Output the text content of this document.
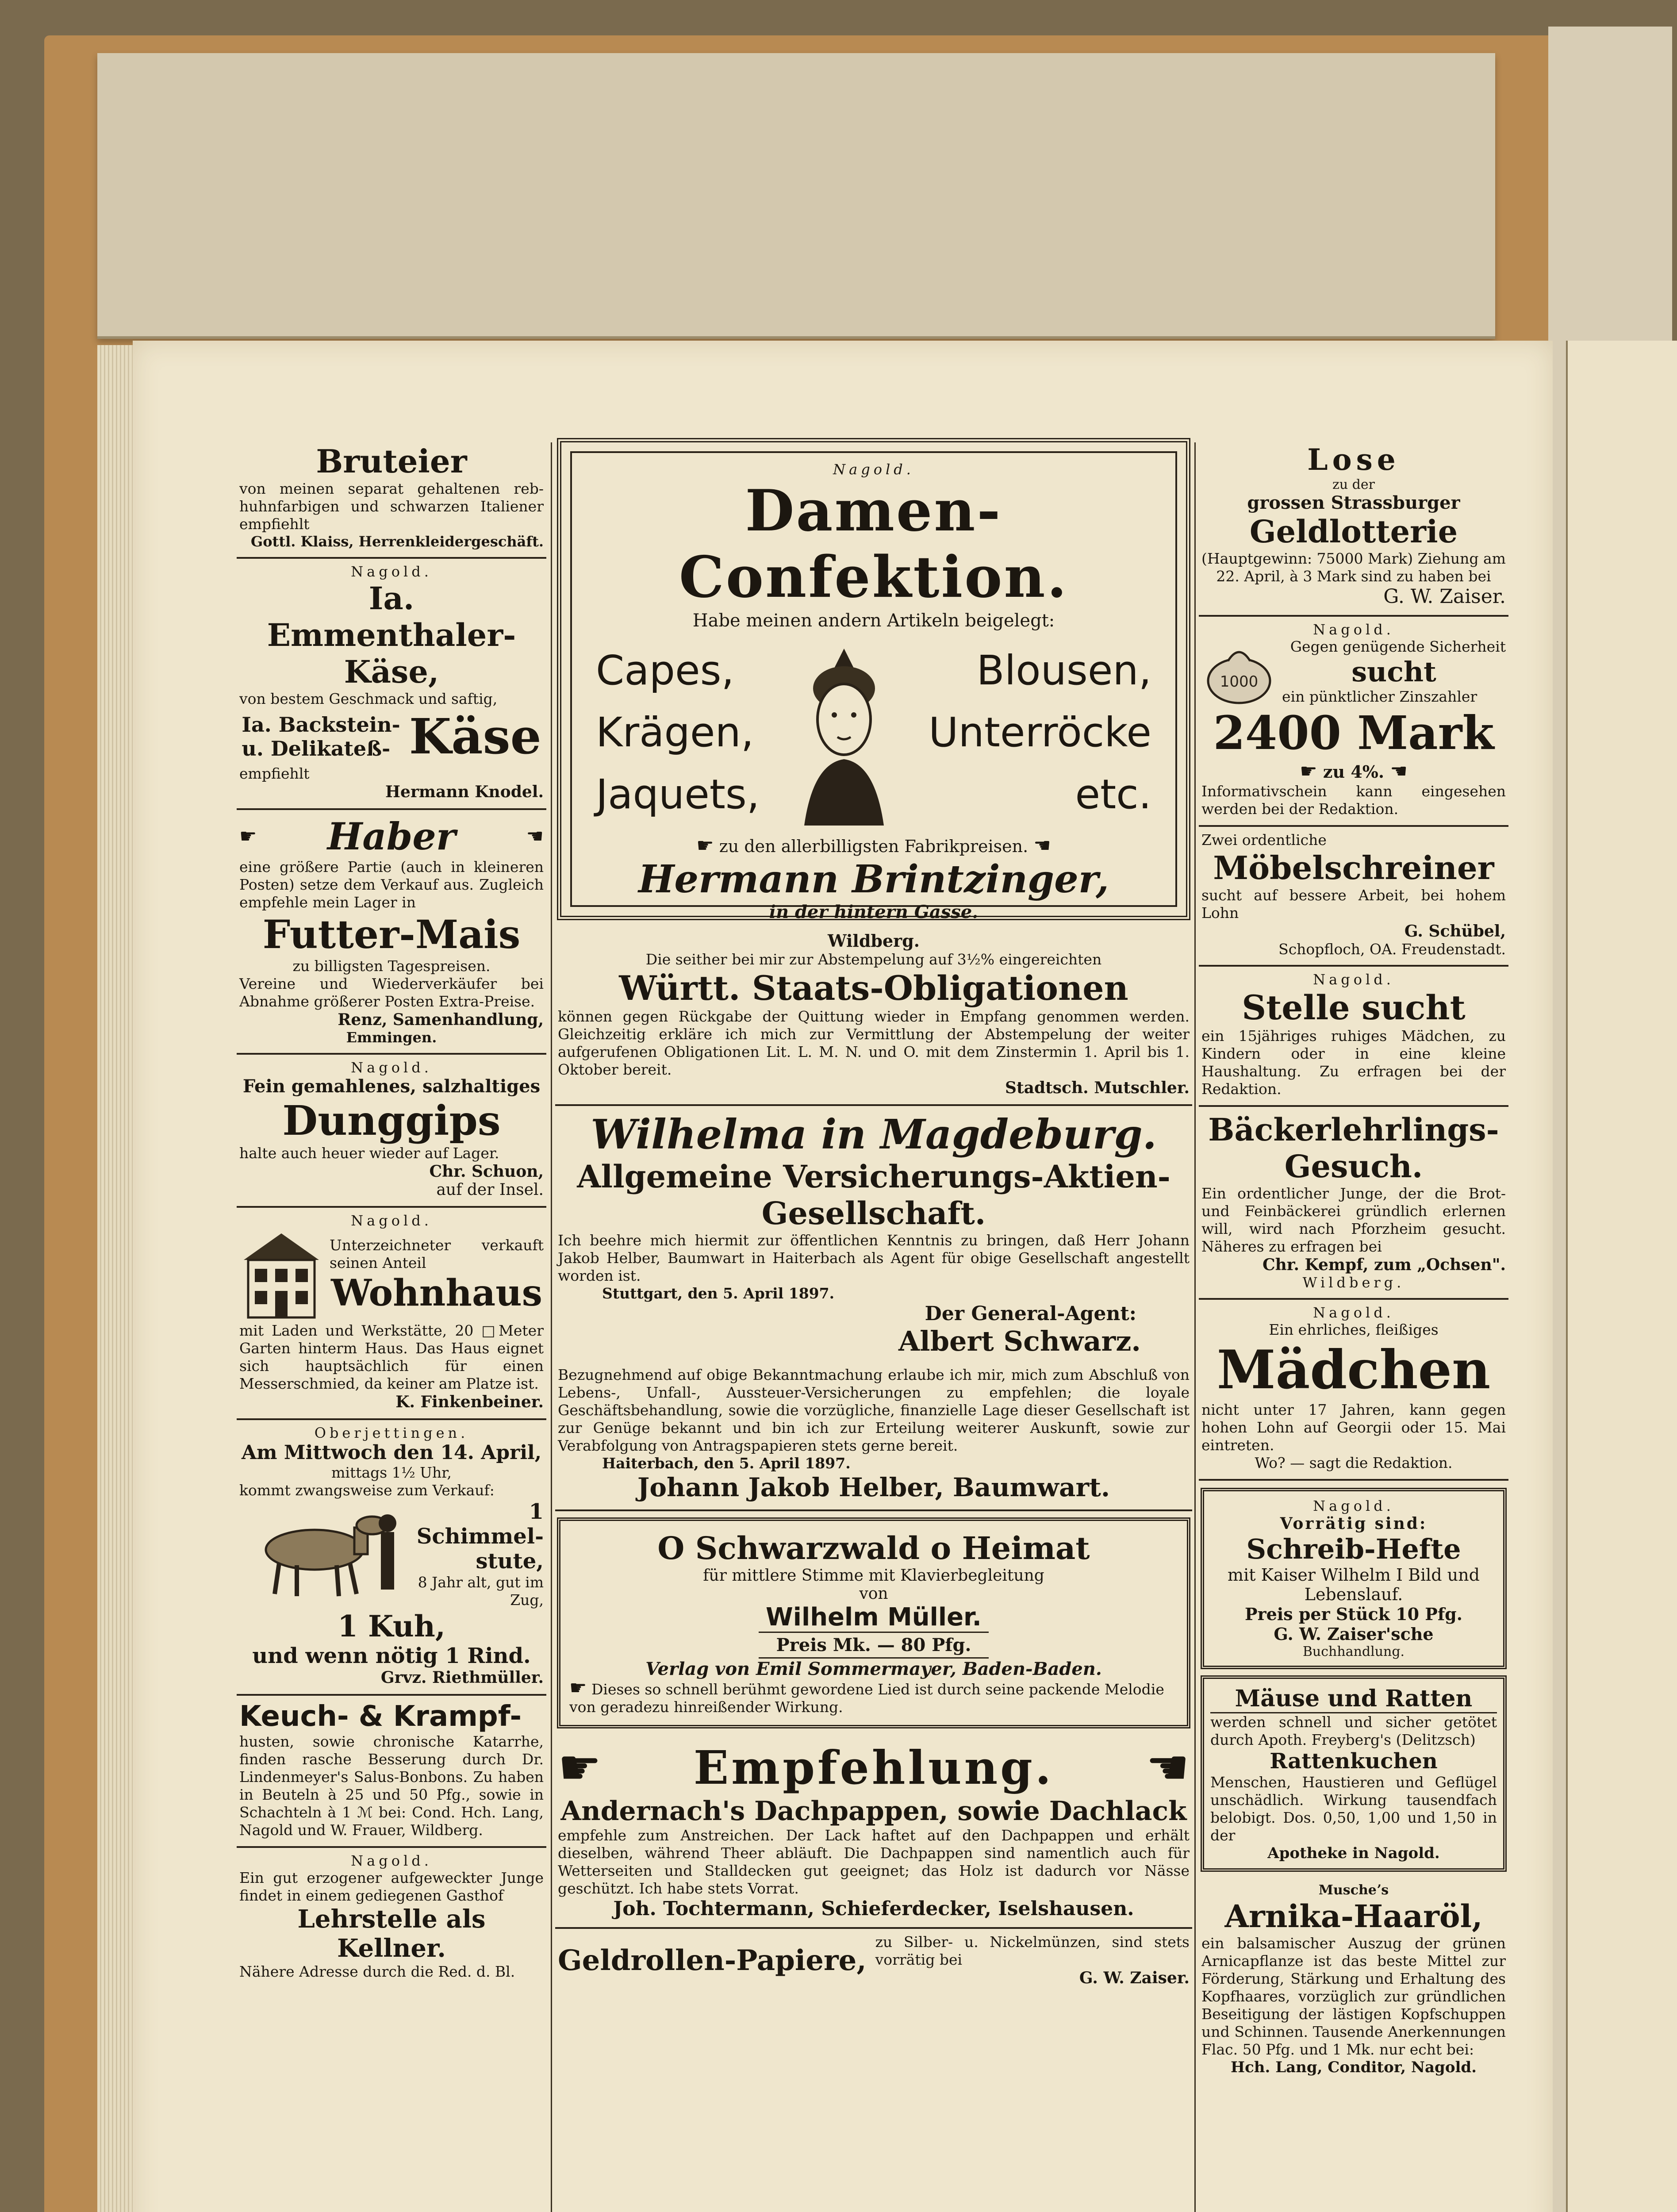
Bruteier
von meinen separat gehaltenen reb-huhnfarbigen und schwarzen Italiener empfiehlt
Gottl. Klaiss, Herrenkleidergeschäft.
Nagold.
Ia. Emmenthaler-
Käse,
von bestem Geschmack und saftig,
Ia. Backstein-
u. Delikateß- Käse
empfiehlt
Hermann Knodel.
☛ Haber	☚
eine größere Partie (auch in kleineren Posten) setze dem Verkauf aus. Zugleich empfehle mein Lager in
Futter-Mais
zu billigsten Tagespreisen.
Vereine und Wiederverkäufer bei Abnahme größerer Posten Extra-Preise.
Renz, Samenhandlung,
Emmingen.
Nagold.
Fein gemahlenes, salzhaltiges
Dunggips
halte auch heuer wieder auf Lager.
Chr. Schuon,
auf der Insel.
Nagold.
Unterzeichneter verkauft seinen Anteil
Wohnhaus
mit Laden und Werkstätte, 20 □Meter Garten hinterm Haus. Das Haus eignet sich hauptsächlich für einen Messerschmied, da keiner am Platze ist.
K. Finkenbeiner.
Oberjettingen.
Am Mittwoch den 14. April,
mittags 1½ Uhr,
kommt zwangsweise zum Verkauf:
1 Schimmel-stute,
8 Jahr alt, gut im Zug,
1 Kuh,
und wenn nötig 1 Rind.
Grvz. Riethmüller.
Keuch- & Krampf-
husten, sowie chronische Katarrhe, finden rasche Besserung durch Dr. Lindenmeyer's Salus-Bonbons. Zu haben in Beuteln à 25 und 50 Pfg., sowie in Schachteln à 1 ℳ bei: Cond. Hch. Lang, Nagold und W. Frauer, Wildberg.
Nagold.
Ein gut erzogener aufgeweckter Junge findet in einem gediegenen Gasthof
Lehrstelle als Kellner.
Nähere Adresse durch die Red. d. Bl.
Nagold.
Damen-Confektion.
Habe meinen andern Artikeln beigelegt:
Capes,
Krägen,
Jaquets,
Blousen,
Unterröcke
etc.
☛ zu den allerbilligsten Fabrikpreisen. ☚
Hermann Brintzinger,
in der hintern Gasse.
Wildberg.
Die seither bei mir zur Abstempelung auf 3½% eingereichten
Württ. Staats-Obligationen
können gegen Rückgabe der Quittung wieder in Empfang genommen werden. Gleichzeitig erkläre ich mich zur Vermittlung der Abstempelung der weiter aufgerufenen Obligationen Lit. L. M. N. und O. mit dem Zinstermin 1. April bis 1. Oktober bereit.
Stadtsch. Mutschler.
Wilhelma in Magdeburg.
Allgemeine Versicherungs-Aktien-
Gesellschaft.
Ich beehre mich hiermit zur öffentlichen Kenntnis zu bringen, daß Herr Johann Jakob Helber, Baumwart in Haiterbach als Agent für obige Gesellschaft angestellt worden ist.
Stuttgart, den 5. April 1897.
Der General-Agent:
Albert Schwarz.
Bezugnehmend auf obige Bekanntmachung erlaube ich mir, mich zum Abschluß von Lebens-, Unfall-, Aussteuer-Versicherungen zu empfehlen; die loyale Geschäftsbehandlung, sowie die vorzügliche, finanzielle Lage dieser Gesellschaft ist zur Genüge bekannt und bin ich zur Erteilung weiterer Auskunft, sowie zur Verabfolgung von Antragspapieren stets gerne bereit.
Haiterbach, den 5. April 1897.
Johann Jakob Helber, Baumwart.
O Schwarzwald o Heimat
für mittlere Stimme mit Klavierbegleitung
von
Wilhelm Müller.
Preis Mk. — 80 Pfg.
Verlag von Emil Sommermayer, Baden-Baden.
☛ Dieses so schnell berühmt gewordene Lied ist durch seine packende Melodie von geradezu hinreißender Wirkung.
☛ Empfehlung. ☚
Andernach's Dachpappen, sowie Dachlack
empfehle zum Anstreichen. Der Lack haftet auf den Dachpappen und erhält dieselben, während Theer abläuft. Die Dachpappen sind namentlich auch für Wetterseiten und Stalldecken gut geeignet; das Holz ist dadurch vor Nässe geschützt. Ich habe stets Vorrat.
Joh. Tochtermann, Schieferdecker, Iselshausen.
Geldrollen-Papiere,
zu Silber- u. Nickelmünzen, sind stets vorrätig bei
G. W. Zaiser.
Lose
zu der
grossen Strassburger
Geldlotterie
(Hauptgewinn: 75000 Mark) Ziehung am 22. April, à 3 Mark sind zu haben bei
G. W. Zaiser.
Nagold.
1000
Gegen genügende Sicherheit
sucht
ein pünktlicher Zinszahler
2400 Mark
☛ zu 4%. ☚
Informativschein kann eingesehen werden bei der Redaktion.
Zwei ordentliche
Möbelschreiner
sucht auf bessere Arbeit, bei hohem Lohn
G. Schübel,
Schopfloch, OA. Freudenstadt.
Nagold.
Stelle sucht
ein 15jähriges ruhiges Mädchen, zu Kindern oder in eine kleine Haushaltung. Zu erfragen bei der Redaktion.
Bäckerlehrlings-
Gesuch.
Ein ordentlicher Junge, der die Brot- und Feinbäckerei gründlich erlernen will, wird nach Pforzheim gesucht. Näheres zu erfragen bei
Chr. Kempf, zum „Ochsen".
Wildberg.
Nagold.
Ein ehrliches, fleißiges
Mädchen
nicht unter 17 Jahren, kann gegen hohen Lohn auf Georgii oder 15. Mai eintreten.
Wo? — sagt die Redaktion.
Nagold.
Vorrätig sind:
Schreib-Hefte
mit Kaiser Wilhelm I Bild und Lebenslauf.
Preis per Stück 10 Pfg.
G. W. Zaiser'sche
Buchhandlung.
Mäuse und Ratten
werden schnell und sicher getötet durch Apoth. Freyberg's (Delitzsch)
Rattenkuchen
Menschen, Haustieren und Geflügel unschädlich. Wirkung tausendfach belobigt. Dos. 0,50, 1,00 und 1,50 in der
Apotheke in Nagold.
Muscheʼs
Arnika-Haaröl,
ein balsamischer Auszug der grünen Arnicapflanze ist das beste Mittel zur Förderung, Stärkung und Erhaltung des Kopfhaares, vorzüglich zur gründlichen Beseitigung der lästigen Kopfschuppen und Schinnen. Tausende Anerkennungen Flac. 50 Pfg. und 1 Mk. nur echt bei:
Hch. Lang, Conditor, Nagold.
